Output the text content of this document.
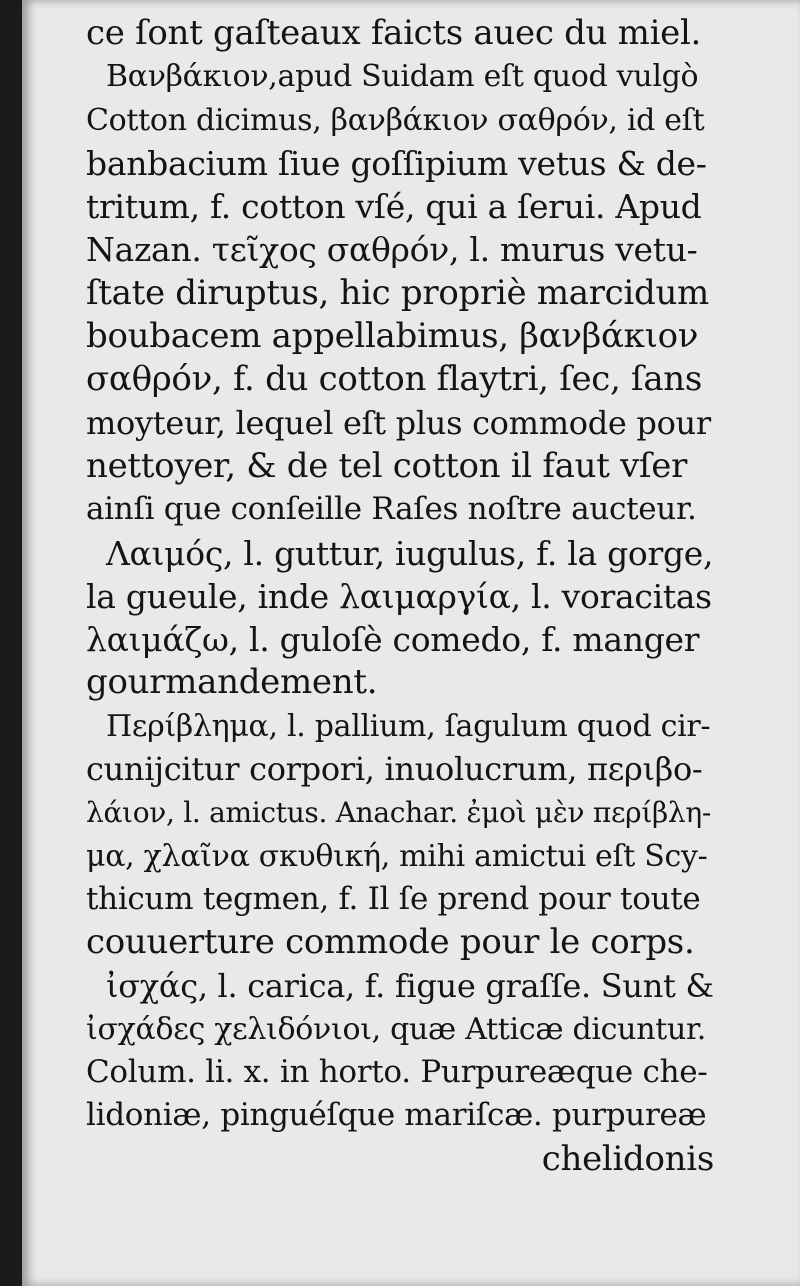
ce ſont gaſteaux faicts auec du miel.
Βανβάκιον,apud Suidam eſt quod vulgò
Cotton dicimus, βανβάκιον σαθρόν, id eſt
banbacium ſiue goſſipium vetus & de-
tritum, f. cotton vſé, qui a ſerui. Apud
Nazan. τεῖχος σαθρόν, l. murus vetu-
ſtate diruptus, hic propriè marcidum
boubacem appellabimus, βανβάκιον
σαθρόν, f. du cotton flaytri, ſec, ſans
moyteur, lequel eſt plus commode pour
nettoyer, & de tel cotton il faut vſer
ainſi que conſeille Raſes noſtre aucteur.
Λαιμός, l. guttur, iugulus, f. la gorge,
la gueule, inde λαιμαργία, l. voracitas
λαιμάζω, l. guloſè comedo, f. manger
gourmandement.
Περίβλημα, l. pallium, ſagulum quod cir-
cunijcitur corpori, inuolucrum, περιβο-
λάιον, l. amictus. Anachar. ἐμοὶ μὲν περίβλη-
μα, χλαῖνα σκυθική, mihi amictui eſt Scy-
thicum tegmen, f. Il ſe prend pour toute
couuerture commode pour le corps.
ἰσχάς, l. carica, f. figue graſſe. Sunt &
ἰσχάδες χελιδόνιοι, quæ Atticæ dicuntur.
Colum. li. x. in horto. Purpureæque che-
lidoniæ, pinguéſque mariſcæ. purpureæ
chelidonis
